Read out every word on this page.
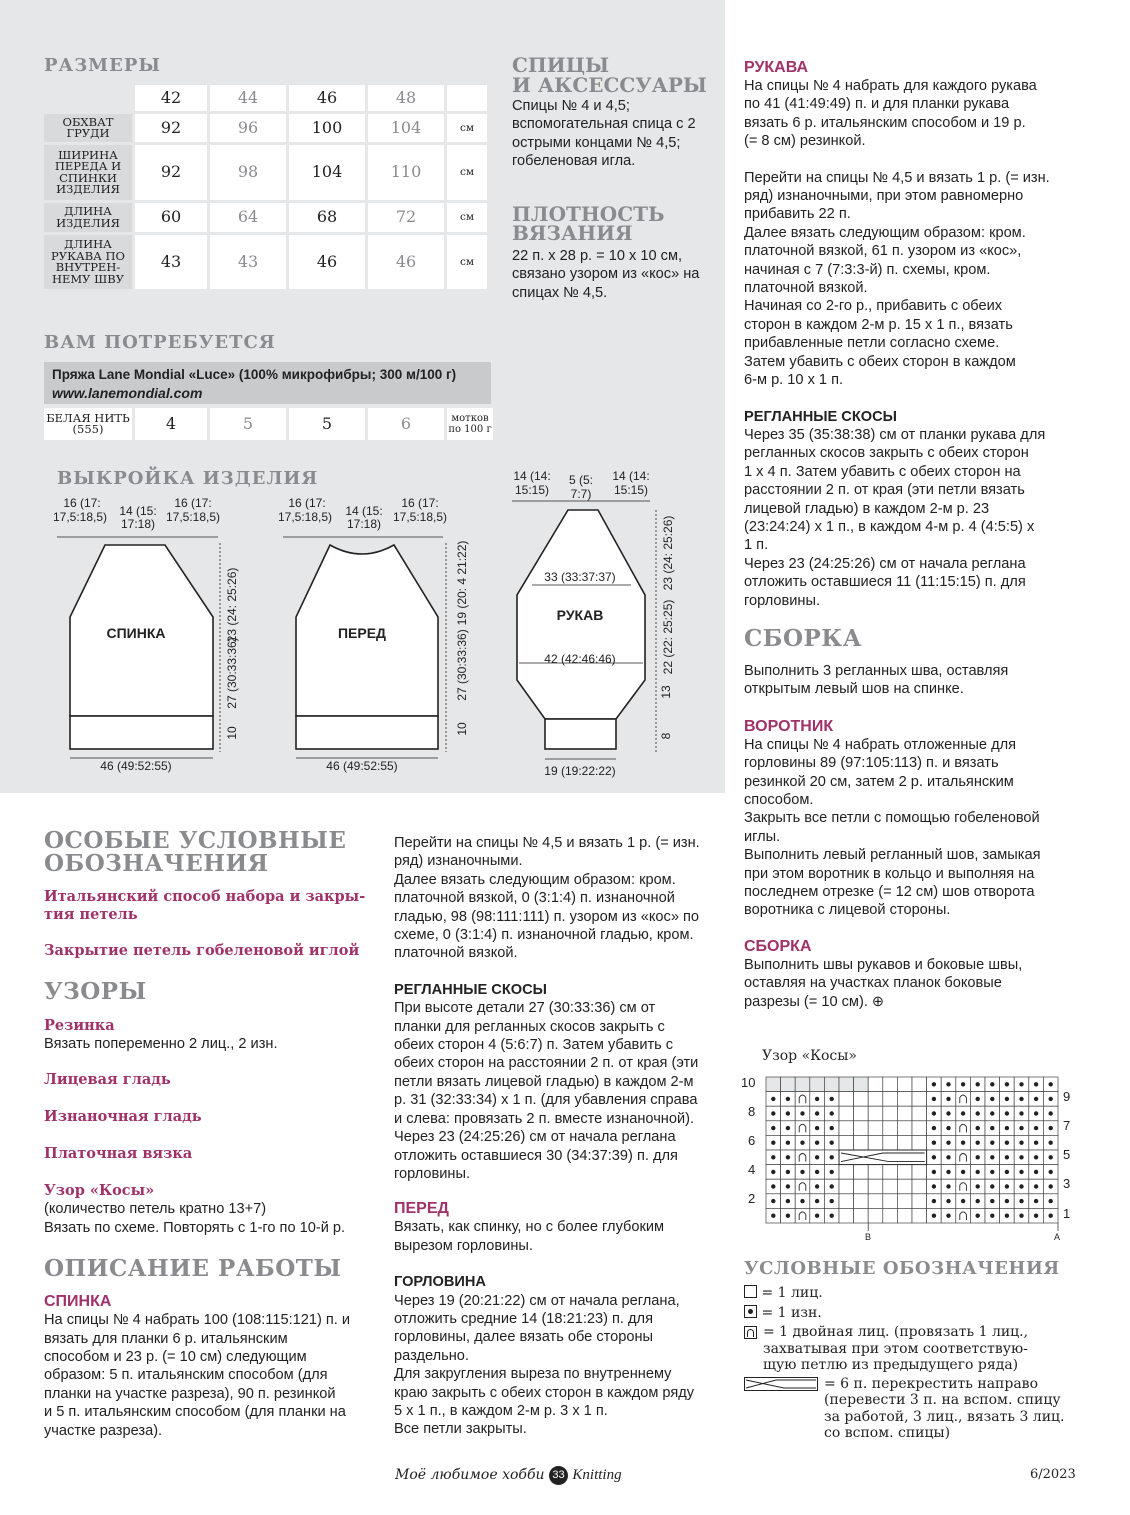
РАЗМЕРЫ
	42	44	46	48	
ОБХВАТ ГРУДИ	92	96	100	104	см
ШИРИНА ПЕРЕДА И СПИНКИ ИЗДЕЛИЯ	92	98	104	110	см
ДЛИНА ИЗДЕЛИЯ	60	64	68	72	см
ДЛИНА РУКАВА ПО ВНУТРЕН-НЕМУ ШВУ	43	43	46	46	см
СПИЦЫ
И АКСЕССУАРЫ
Спицы № 4 и 4,5; вспомогательная спица с 2 острыми концами № 4,5; гобеленовая игла.
ПЛОТНОСТЬ ВЯЗАНИЯ
22 п. х 28 р. = 10 х 10 см, связано узором из «кос» на спицах № 4,5.
ВАМ ПОТРЕБУЕТСЯ
Пряжа Lane Mondial «Luce» (100% микрофибры; 300 м/100 г)
www.lanemondial.com
БЕЛАЯ НИТЬ (555)	4	5	5	6	мотков по 100 г
ВЫКРОЙКА ИЗДЕЛИЯ
СПИНКА
16 (17:
17,5:18,5) 14 (15:
17:18)
16 (17:
17,5:18,5)
46 (49:52:55)
23 (24: 25:26)
27 (30:33:36)
10
ПЕРЕД
16 (17:
17,5:18,5) 14 (15:
17:18)
16 (17:
17,5:18,5)
46 (49:52:55)
19 (20: 4 21:22)
27 (30:33:36)
10
РУКАВ
14 (14:
15:15)
5 (5:
7:7)
14 (14:
15:15)
33 (33:37:37)
42 (42:46:46)
19 (19:22:22)
23 (24: 25:26)
22 (22: 25:25)
13
8
ОСОБЫЕ УСЛОВНЫЕ
ОБОЗНАЧЕНИЯ
Итальянский способ набора и закры-
тия петель
Закрытие петель гобеленовой иглой
УЗОРЫ
Резинка
Вязать попеременно 2 лиц., 2 изн.
Лицевая гладь
Изнаночная гладь
Платочная вязка
Узор «Косы»
(количество петель кратно 13+7)
Вязать по схеме. Повторять с 1-го по 10-й р.
ОПИСАНИЕ РАБОТЫ
СПИНКА
На спицы № 4 набрать 100 (108:115:121) п. и
вязать для планки 6 р. итальянским
способом и 23 р. (= 10 см) следующим
образом: 5 п. итальянским способом (для
планки на участке разреза), 90 п. резинкой
и 5 п. итальянским способом (для планки на
участке разреза).
Перейти на спицы № 4,5 и вязать 1 р. (= изн.
ряд) изнаночными.
Далее вязать следующим образом: кром.
платочной вязкой, 0 (3:1:4) п. изнаночной
гладью, 98 (98:111:111) п. узором из «кос» по
схеме, 0 (3:1:4) п. изнаночной гладью, кром.
платочной вязкой.
РЕГЛАННЫЕ СКОСЫ
При высоте детали 27 (30:33:36) см от
планки для регланных скосов закрыть с
обеих сторон 4 (5:6:7) п. Затем убавить с
обеих сторон на расстоянии 2 п. от края (эти
петли вязать лицевой гладью) в каждом 2-м
р. 31 (32:33:34) х 1 п. (для убавления справа
и слева: провязать 2 п. вместе изнаночной).
Через 23 (24:25:26) см от начала реглана
отложить оставшиеся 30 (34:37:39) п. для
горловины.
ПЕРЕД
Вязать, как спинку, но с более глубоким
вырезом горловины.
ГОРЛОВИНА
Через 19 (20:21:22) см от начала реглана,
отложить средние 14 (18:21:23) п. для
горловины, далее вязать обе стороны
раздельно.
Для закругления выреза по внутреннему
краю закрыть с обеих сторон в каждом ряду
5 х 1 п., в каждом 2-м р. 3 х 1 п.
Все петли закрыты.
РУКАВА
На спицы № 4 набрать для каждого рукава
по 41 (41:49:49) п. и для планки рукава
вязать 6 р. итальянским способом и 19 р.
(= 8 см) резинкой.
Перейти на спицы № 4,5 и вязать 1 р. (= изн.
ряд) изнаночными, при этом равномерно
прибавить 22 п.
Далее вязать следующим образом: кром.
платочной вязкой, 61 п. узором из «кос»,
начиная с 7 (7:3:3-й) п. схемы, кром.
платочной вязкой.
Начиная со 2-го р., прибавить с обеих
сторон в каждом 2-м р. 15 х 1 п., вязать
прибавленные петли согласно схеме.
Затем убавить с обеих сторон в каждом
6-м р. 10 х 1 п.
РЕГЛАННЫЕ СКОСЫ
Через 35 (35:38:38) см от планки рукава для
регланных скосов закрыть с обеих сторон
1 х 4 п. Затем убавить с обеих сторон на
расстоянии 2 п. от края (эти петли вязать
лицевой гладью) в каждом 2-м р. 23
(23:24:24) х 1 п., в каждом 4-м р. 4 (4:5:5) х
1 п.
Через 23 (24:25:26) см от начала реглана
отложить оставшиеся 11 (11:15:15) п. для
горловины.
СБОРКА
Выполнить 3 регланных шва, оставляя
открытым левый шов на спинке.
ВОРОТНИК
На спицы № 4 набрать отложенные для
горловины 89 (97:105:113) п. и вязать
резинкой 20 см, затем 2 р. итальянским
способом.
Закрыть все петли с помощью гобеленовой
иглы.
Выполнить левый регланный шов, замыкая
при этом воротник в кольцо и выполняя на
последнем отрезке (= 12 см) шов отворота
воротника с лицевой стороны.
СБОРКА
Выполнить швы рукавов и боковые швы,
оставляя на участках планок боковые
разрезы (= 10 см). ⊕
Узор «Косы»
10
8
6
4
2
9
7
5
3
1
B	A
УСЛОВНЫЕ ОБОЗНАЧЕНИЯ
= 1 лиц.
= 1 изн.
= 1 двойная лиц. (провязать 1 лиц.,
захватывая при этом соответствую-
щую петлю из предыдущего ряда)
= 6 п. перекрестить направо
(перевести 3 п. на вспом. спицу
за работой, 3 лиц., вязать 3 лиц.
со вспом. спицы)
Моё любимое хобби 33 Knitting	6/2023
